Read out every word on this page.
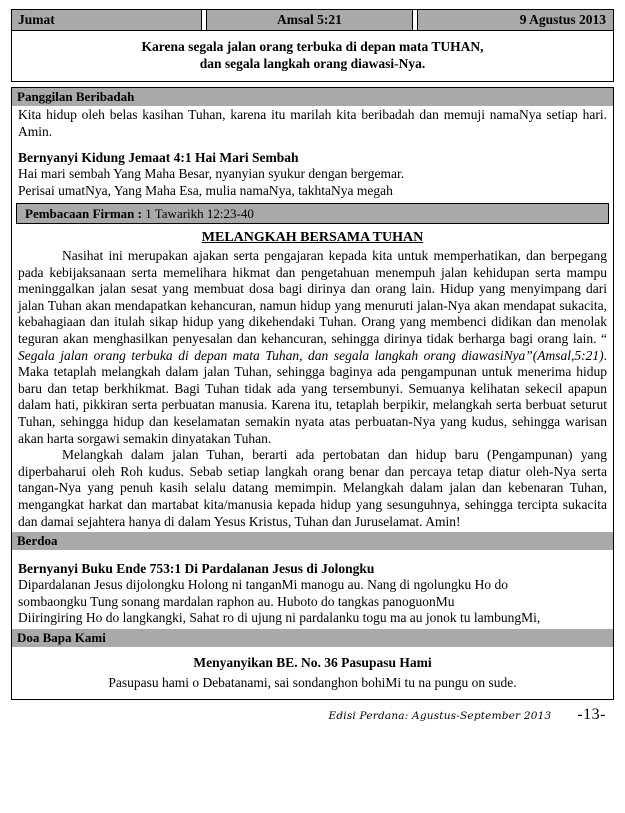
Jumat	Amsal 5:21	9 Agustus 2013
Karena segala jalan orang terbuka di depan mata TUHAN,
dan segala langkah orang diawasi-Nya.
Panggilan Beribadah

Kita hidup oleh belas kasihan Tuhan, karena itu marilah kita beribadah dan memuji namaNya setiap hari. Amin.

Bernyanyi Kidung Jemaat 4:1 Hai Mari Sembah

Hai mari sembah Yang Maha Besar, nyanyian syukur dengan bergemar.

Perisai umatNya, Yang Maha Esa, mulia namaNya, takhtaNya megah

Pembacaan Firman : 1 Tawarikh 12:23-40
MELANGKAH BERSAMA TUHAN

Nasihat ini merupakan ajakan serta pengajaran kepada kita untuk memperhatikan, dan berpegang pada kebijaksanaan serta memelihara hikmat dan pengetahuan menempuh jalan kehidupan serta mampu meninggalkan jalan sesat yang membuat dosa bagi dirinya dan orang lain. Hidup yang menyimpang dari jalan Tuhan akan mendapatkan kehancuran, namun hidup yang menuruti jalan-Nya akan mendapat sukacita, kebahagiaan dan itulah sikap hidup yang dikehendaki Tuhan. Orang yang membenci didikan dan menolak teguran akan menghasilkan penyesalan dan kehancuran, sehingga dirinya tidak berharga bagi orang lain. “ Segala jalan orang terbuka di depan mata Tuhan, dan segala langkah orang diawasiNya”(Amsal,5:21). Maka tetaplah melangkah dalam jalan Tuhan, sehingga baginya ada pengampunan untuk menerima hidup baru dan tetap berkhikmat. Bagi Tuhan tidak ada yang tersembunyi. Semuanya kelihatan sekecil apapun dalam hati, pikkiran serta perbuatan manusia. Karena itu, tetaplah berpikir, melangkah serta berbuat seturut Tuhan, sehingga hidup dan keselamatan semakin nyata atas perbuatan-Nya yang kudus, sehingga warisan akan harta sorgawi semakin dinyatakan Tuhan.

Melangkah dalam jalan Tuhan, berarti ada pertobatan dan hidup baru (Pengampunan) yang diperbaharui oleh Roh kudus. Sebab setiap langkah orang benar dan percaya tetap diatur oleh-Nya serta tangan-Nya yang penuh kasih selalu datang memimpin. Melangkah dalam jalan dan kebenaran Tuhan, mengangkat harkat dan martabat kita/manusia kepada hidup yang sesunguhnya, sehingga tercipta sukacita dan damai sejahtera hanya di dalam Yesus Kristus, Tuhan dan Juruselamat. Amin!

Berdoa

Bernyanyi Buku Ende 753:1 Di Pardalanan Jesus di Jolongku

Dipardalanan Jesus dijolongku Holong ni tanganMi manogu au. Nang di ngolungku Ho do

sombaongku Tung sonang mardalan raphon au. Huboto do tangkas panoguonMu

Diiringiring Ho do langkangki, Sahat ro di ujung ni pardalanku togu ma au jonok tu lambungMi,

Doa Bapa Kami
Menyanyikan BE. No. 36 Pasupasu Hami
Pasupasu hami o Debatanami, sai sondanghon bohiMi tu na pungu on sude.
Edisi Perdana: Agustus-September 2013 -13-
